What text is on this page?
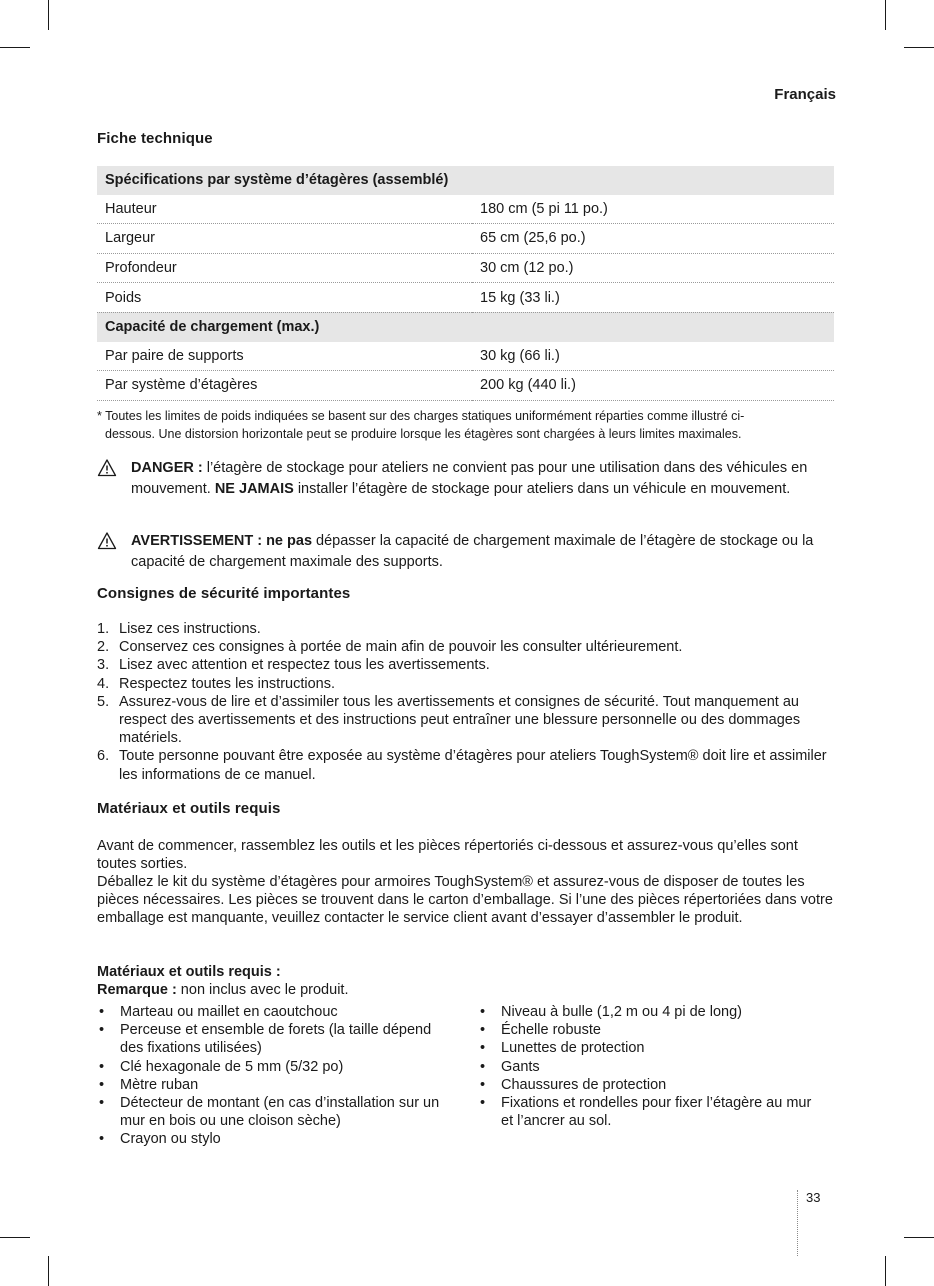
Français
Fiche technique
Spécifications par système d’étagères (assemblé)	
Hauteur	180 cm (5 pi 11 po.)
Largeur	65 cm (25,6 po.)
Profondeur	30 cm (12 po.)
Poids	15 kg (33 li.)
Capacité de chargement (max.)	
Par paire de supports	30 kg (66 li.)
Par système d’étagères	200 kg (440 li.)
* Toutes les limites de poids indiquées se basent sur des charges statiques uniformément réparties comme illustré ci-

dessous. Une distorsion horizontale peut se produire lorsque les étagères sont chargées à leurs limites maximales.
DANGER : l’étagère de stockage pour ateliers ne convient pas pour une utilisation dans des véhicules en mouvement. NE JAMAIS installer l’étagère de stockage pour ateliers dans un véhicule en mouvement.
AVERTISSEMENT : ne pas dépasser la capacité de chargement maximale de l’étagère de stockage ou la capacité de chargement maximale des supports.
Consignes de sécurité importantes
1. Lisez ces instructions.
2. Conservez ces consignes à portée de main afin de pouvoir les consulter ultérieurement.
3. Lisez avec attention et respectez tous les avertissements.
4. Respectez toutes les instructions.
5. Assurez-vous de lire et d’assimiler tous les avertissements et consignes de sécurité. Tout manquement au respect des avertissements et des instructions peut entraîner une blessure personnelle ou des dommages matériels.
6. Toute personne pouvant être exposée au système d’étagères pour ateliers ToughSystem® doit lire et assimiler les informations de ce manuel.
Matériaux et outils requis

Avant de commencer, rassemblez les outils et les pièces répertoriés ci-dessous et assurez-vous qu’elles sont toutes sorties.

Déballez le kit du système d’étagères pour armoires ToughSystem® et assurez-vous de disposer de toutes les pièces nécessaires. Les pièces se trouvent dans le carton d’emballage. Si l’une des pièces répertoriées dans votre emballage est manquante, veuillez contacter le service client avant d’essayer d’assembler le produit.

Matériaux et outils requis :
Remarque : non inclus avec le produit.
• Marteau ou maillet en caoutchouc
• Perceuse et ensemble de forets (la taille dépend des fixations utilisées)
• Clé hexagonale de 5 mm (5/32 po)
• Mètre ruban
• Détecteur de montant (en cas d’installation sur un mur en bois ou une cloison sèche)
• Crayon ou stylo
• Niveau à bulle (1,2 m ou 4 pi de long)
• Échelle robuste
• Lunettes de protection
• Gants
• Chaussures de protection
• Fixations et rondelles pour fixer l’étagère au mur et l’ancrer au sol.
33
